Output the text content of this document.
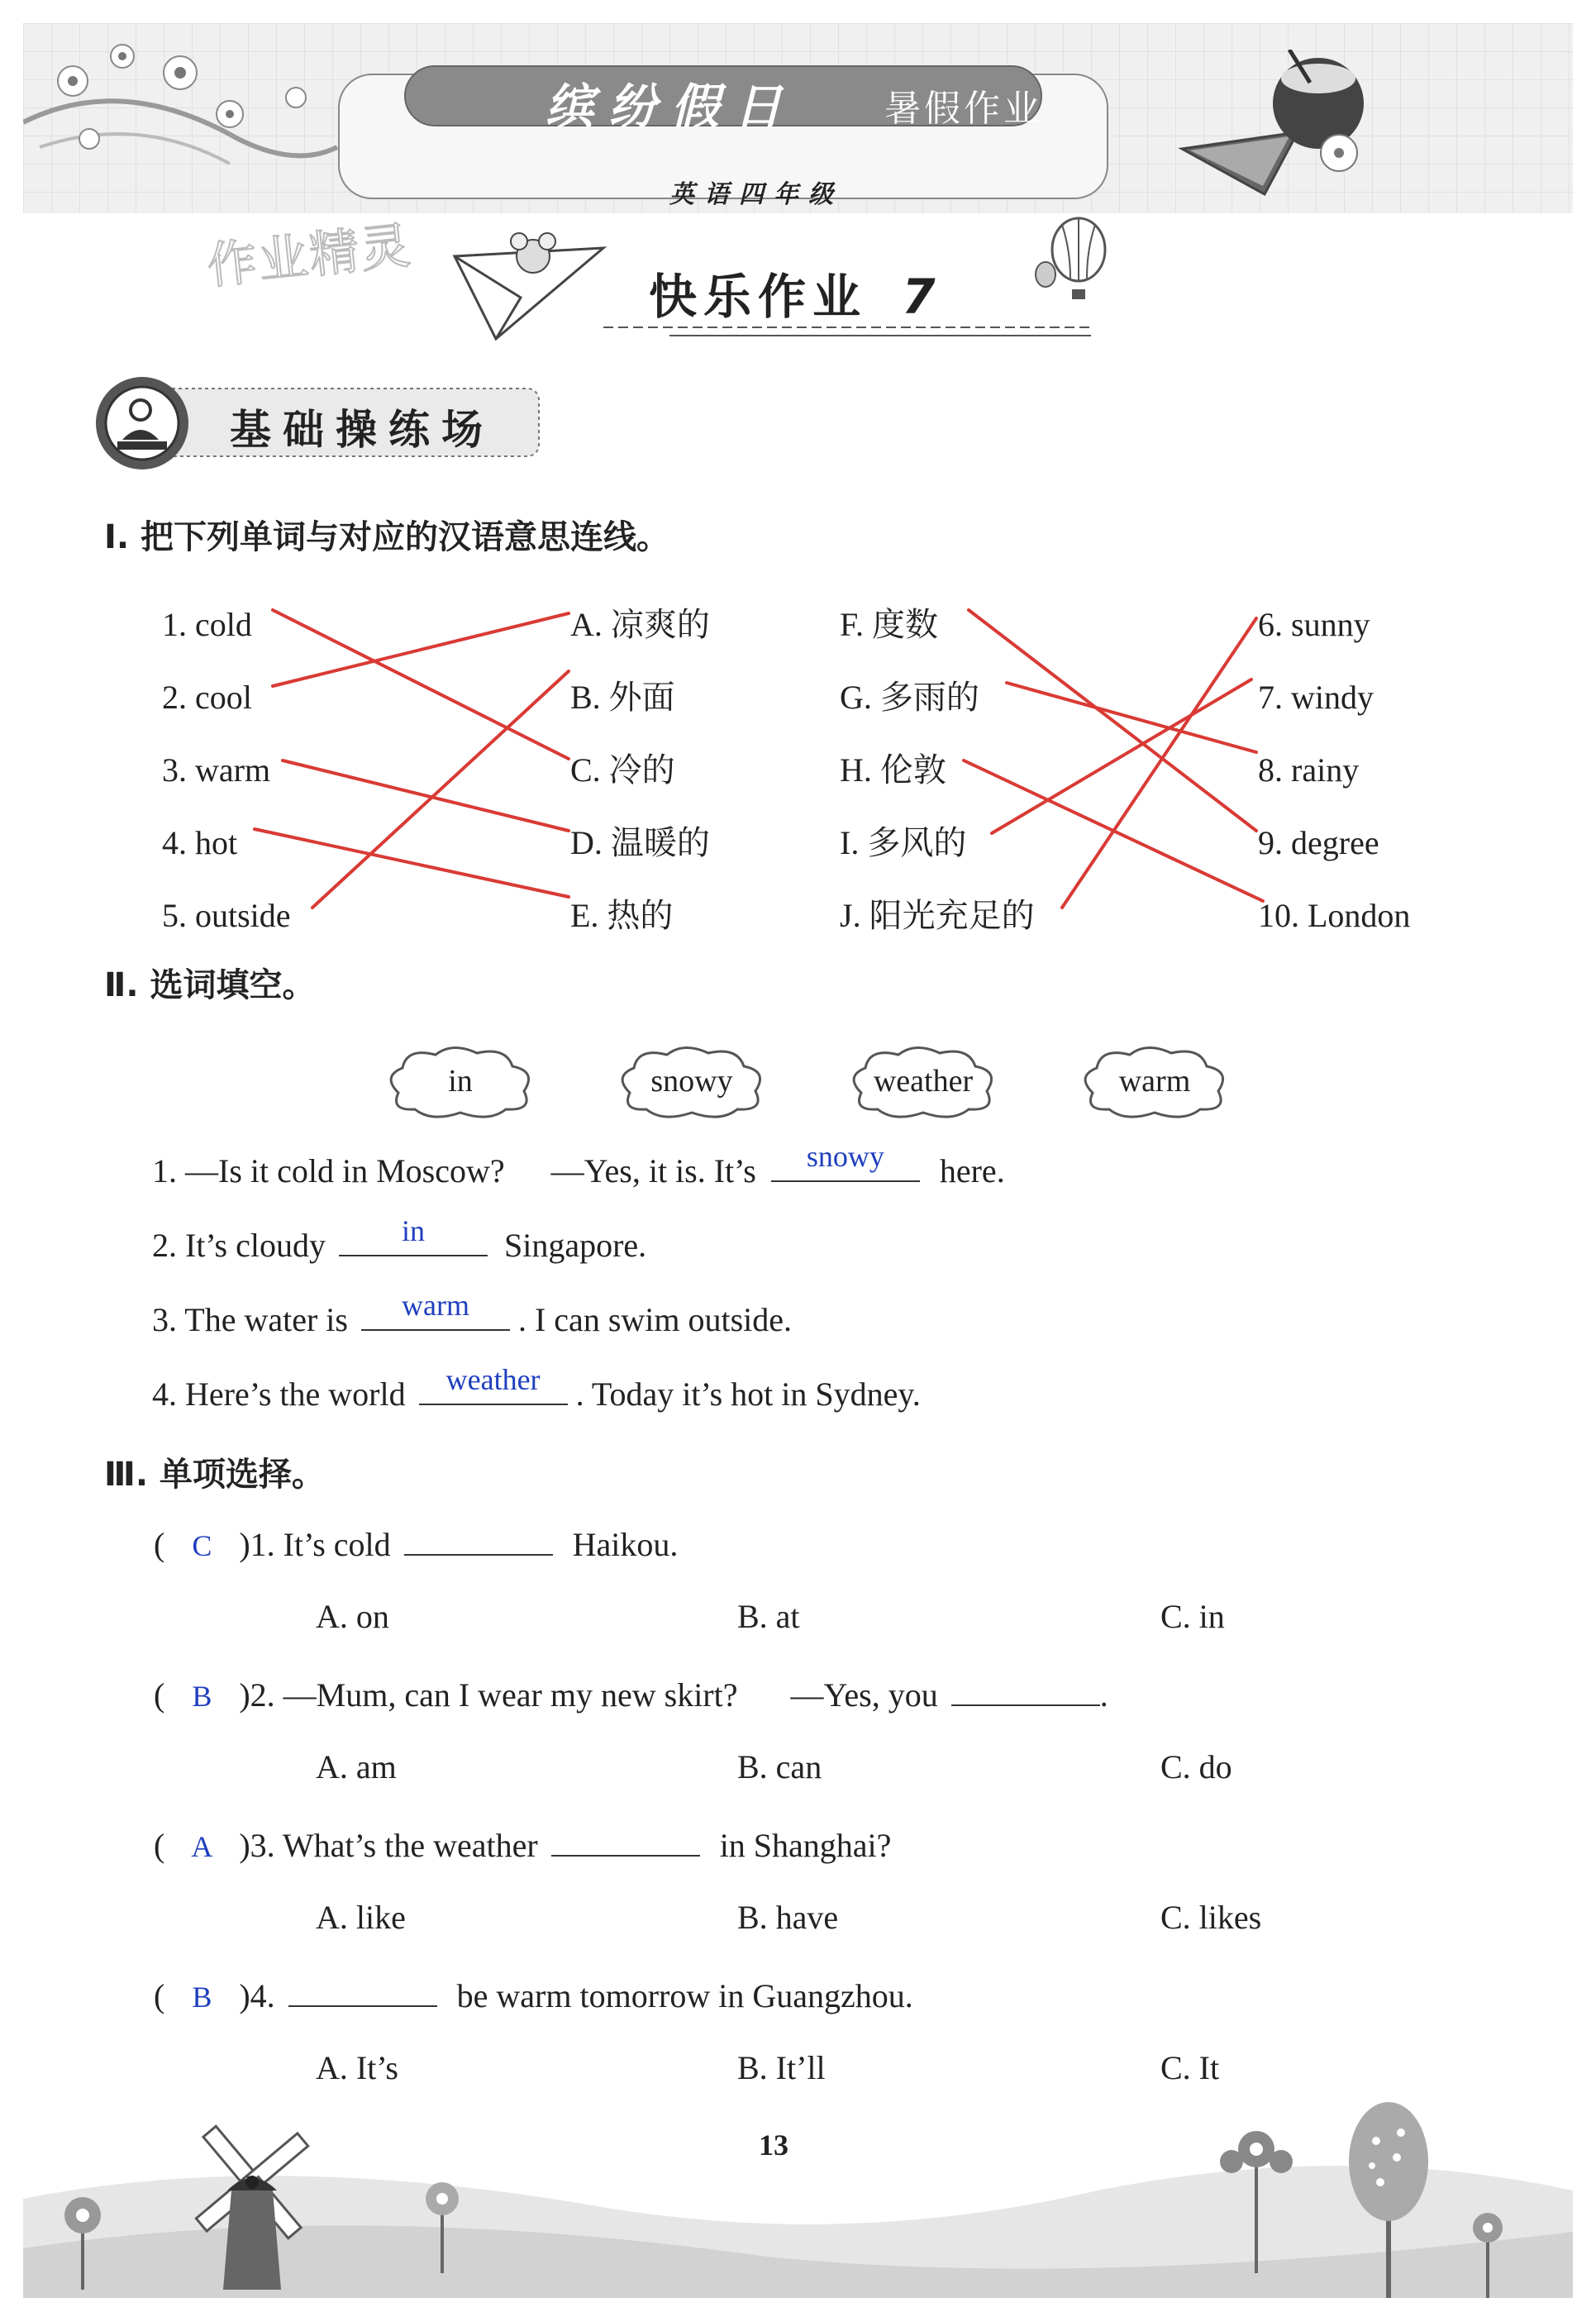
缤纷假日 暑假作业
英语四年级
作业精灵
快乐作业 7
基础操练场
Ⅰ. 把下列单词与对应的汉语意思连线。
1. cold
2. cool
3. warm
4. hot
5. outside
A. 凉爽的
B. 外面
C. 冷的
D. 温暖的
E. 热的
F. 度数
G. 多雨的
H. 伦敦
I. 多风的
J. 阳光充足的
6. sunny
7. windy
8. rainy
9. degree
10. London
Ⅱ. 选词填空。
in	snowy	weather	warm
1. —Is it cold in Moscow? —Yes, it is. It’s	snowy	here.
2. It’s cloudy	in	Singapore.
3. The water is	warm	. I can swim outside.
4. Here’s the world	weather	. Today it’s hot in Sydney.
Ⅲ. 单项选择。
( C )1. It’s cold	Haikou.
A. on	B. at	C. in
( B )2. —Mum, can I wear my new skirt? —Yes, you	.
A. am	B. can	C. do
( A )3. What’s the weather	in Shanghai?
A. like	B. have	C. likes
( B )4.	be warm tomorrow in Guangzhou.
A. It’s	B. It’ll	C. It
13
